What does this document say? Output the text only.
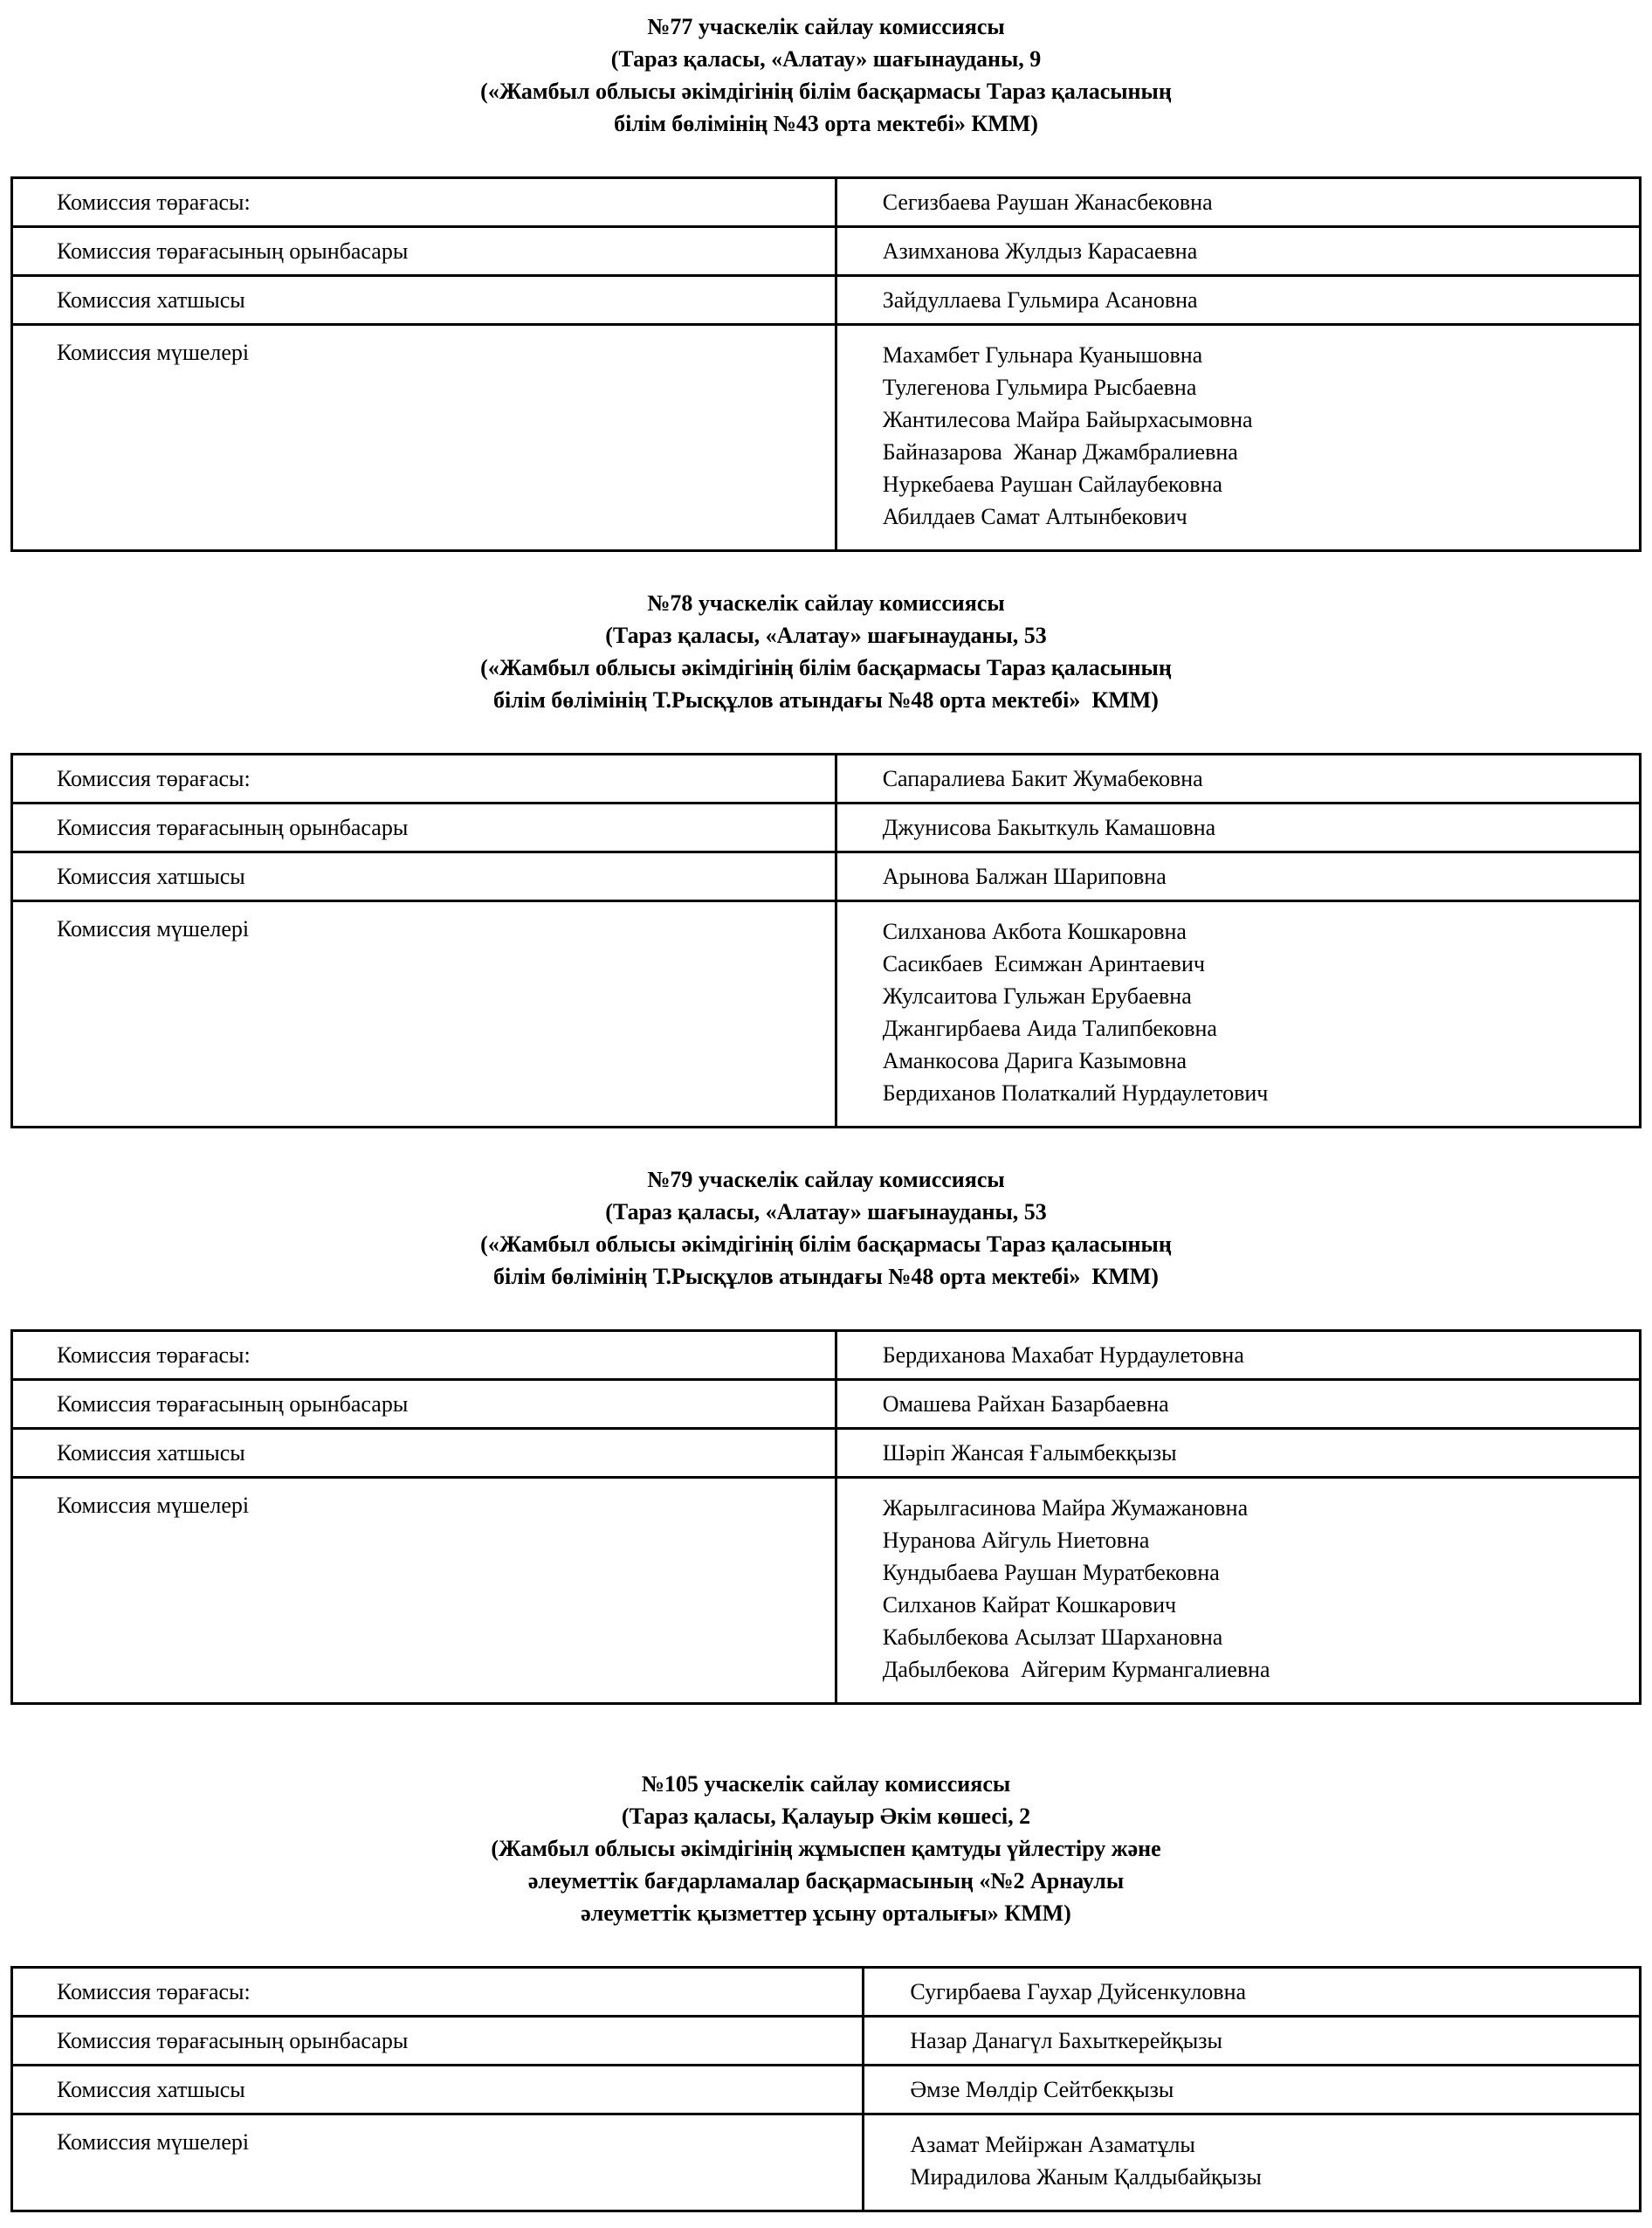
№77 учаскелік сайлау комиссиясы
(Тараз қаласы, «Алатау» шағынауданы, 9
(«Жамбыл облысы әкімдігінің білім басқармасы Тараз қаласының
білім бөлімінің №43 орта мектебі» КММ)
Комиссия төрағасы:	Сегизбаева Раушан Жанасбековна
Комиссия төрағасының орынбасары	Азимханова Жулдыз Карасаевна
Комиссия хатшысы	Зайдуллаева Гульмира Асановна
Комиссия мүшелері	Махамбет Гульнара Куанышовна
Тулегенова Гульмира Рысбаевна
Жантилесова Майра Байырхасымовна
Байназарова  Жанар Джамбралиевна
Нуркебаева Раушан Сайлаубековна
Абилдаев Самат Алтынбекович
№78 учаскелік сайлау комиссиясы
(Тараз қаласы, «Алатау» шағынауданы, 53
(«Жамбыл облысы әкімдігінің білім басқармасы Тараз қаласының
білім бөлімінің Т.Рысқұлов атындағы №48 орта мектебі»  КММ)
Комиссия төрағасы:	Сапаралиева Бакит Жумабековна
Комиссия төрағасының орынбасары	Джунисова Бакыткуль Камашовна
Комиссия хатшысы	Арынова Балжан Шариповна
Комиссия мүшелері	Силханова Акбота Кошкаровна
Сасикбаев  Есимжан Аринтаевич
Жулсаитова Гульжан Ерубаевна
Джангирбаева Аида Талипбековна
Аманкосова Дарига Казымовна
Бердиханов Полаткалий Нурдаулетович
№79 учаскелік сайлау комиссиясы
(Тараз қаласы, «Алатау» шағынауданы, 53
(«Жамбыл облысы әкімдігінің білім басқармасы Тараз қаласының
білім бөлімінің Т.Рысқұлов атындағы №48 орта мектебі»  КММ)
Комиссия төрағасы:	Бердиханова Махабат Нурдаулетовна
Комиссия төрағасының орынбасары	Омашева Райхан Базарбаевна
Комиссия хатшысы	Шәріп Жансая Ғалымбекқызы
Комиссия мүшелері	Жарылгасинова Майра Жумажановна
Нуранова Айгуль Ниетовна
Кундыбаева Раушан Муратбековна
Силханов Кайрат Кошкарович
Кабылбекова Асылзат Шархановна
Дабылбекова  Айгерим Курмангалиевна
№105 учаскелік сайлау комиссиясы
(Тараз қаласы, Қалауыр Әкім көшесі, 2
(Жамбыл облысы әкімдігінің жұмыспен қамтуды үйлестіру және
әлеуметтік бағдарламалар басқармасының «№2 Арнаулы
әлеуметтік қызметтер ұсыну орталығы» КММ)
Комиссия төрағасы:	Сугирбаева Гаухар Дуйсенкуловна
Комиссия төрағасының орынбасары	Назар Данагүл Бахыткерейқызы
Комиссия хатшысы	Әмзе Мөлдір Сейтбекқызы
Комиссия мүшелері	Азамат Мейіржан Азаматұлы
Мирадилова Жаным Қалдыбайқызы
